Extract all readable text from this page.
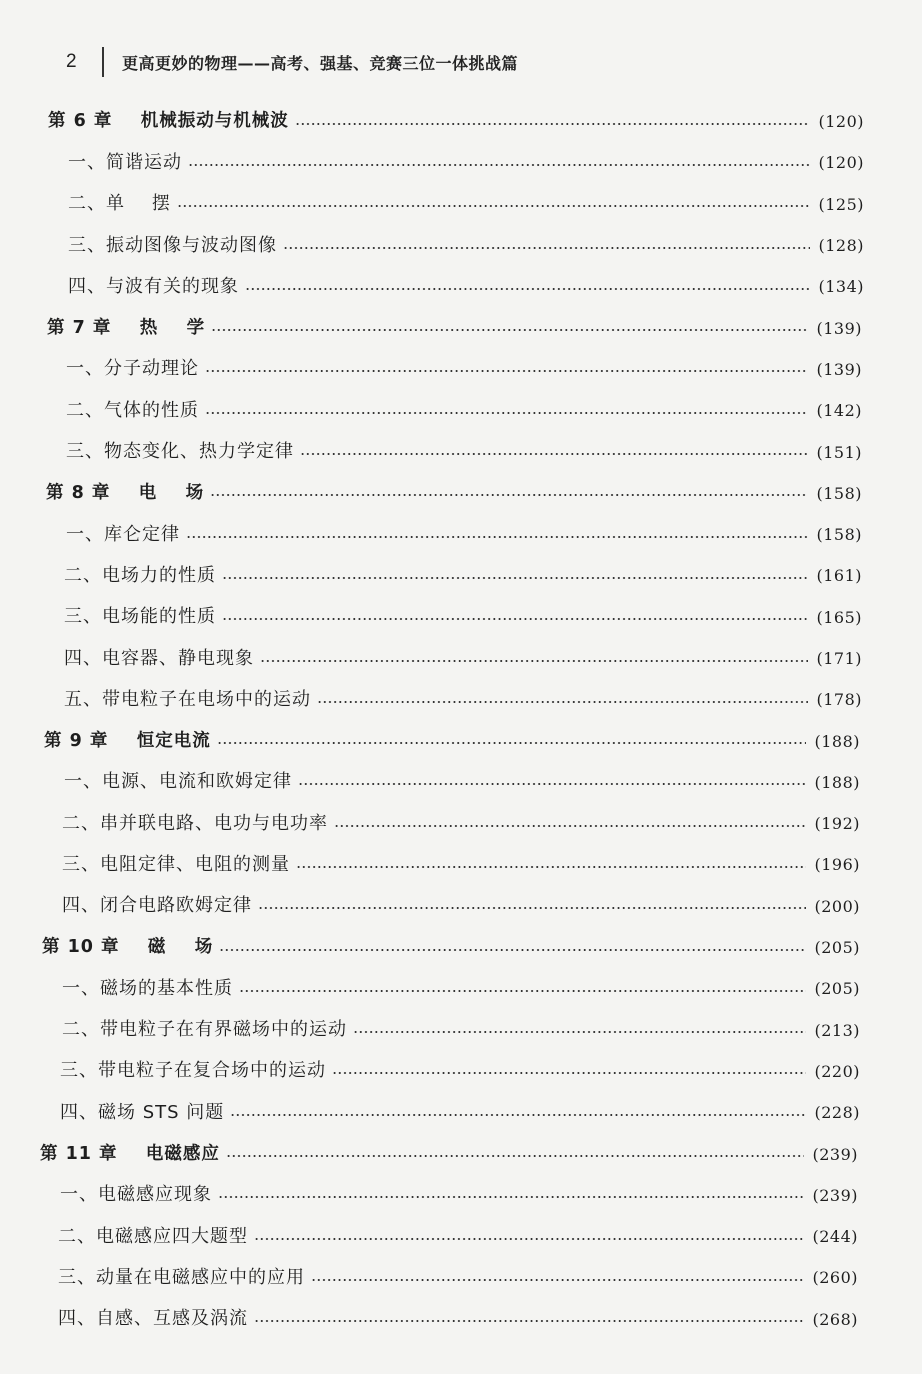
2	更高更妙的物理——高考、强基、竞赛三位一体挑战篇
第 6 章    机械振动与机械波	(120)
一、简谐运动	(120)
二、单    摆	(125)
三、振动图像与波动图像	(128)
四、与波有关的现象	(134)
第 7 章    热    学	(139)
一、分子动理论	(139)
二、气体的性质	(142)
三、物态变化、热力学定律	(151)
第 8 章    电    场	(158)
一、库仑定律	(158)
二、电场力的性质	(161)
三、电场能的性质	(165)
四、电容器、静电现象	(171)
五、带电粒子在电场中的运动	(178)
第 9 章    恒定电流	(188)
一、电源、电流和欧姆定律	(188)
二、串并联电路、电功与电功率	(192)
三、电阻定律、电阻的测量	(196)
四、闭合电路欧姆定律	(200)
第 10 章    磁    场	(205)
一、磁场的基本性质	(205)
二、带电粒子在有界磁场中的运动	(213)
三、带电粒子在复合场中的运动	(220)
四、磁场 STS 问题	(228)
第 11 章    电磁感应	(239)
一、电磁感应现象	(239)
二、电磁感应四大题型	(244)
三、动量在电磁感应中的应用	(260)
四、自感、互感及涡流	(268)
